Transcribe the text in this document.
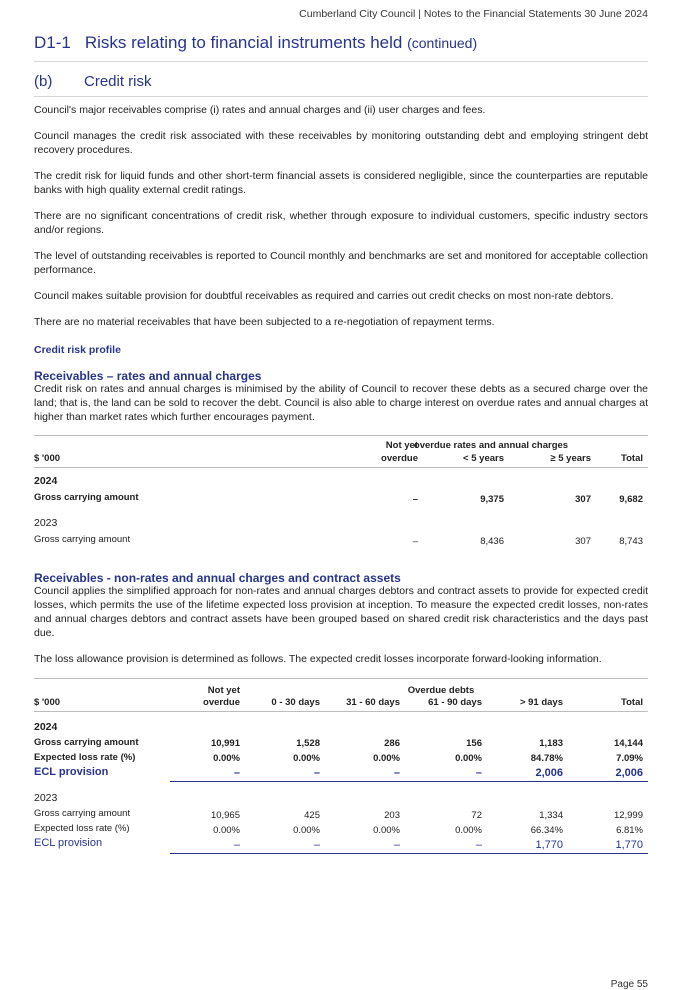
Cumberland City Council | Notes to the Financial Statements 30 June 2024
D1-1 Risks relating to financial instruments held (continued)
(b) Credit risk

Council's major receivables comprise (i) rates and annual charges and (ii) user charges and fees.

Council manages the credit risk associated with these receivables by monitoring outstanding debt and employing stringent debt recovery procedures.

The credit risk for liquid funds and other short-term financial assets is considered negligible, since the counterparties are reputable banks with high quality external credit ratings.

There are no significant concentrations of credit risk, whether through exposure to individual customers, specific industry sectors and/or regions.

The level of outstanding receivables is reported to Council monthly and benchmarks are set and monitored for acceptable collection performance.

Council makes suitable provision for doubtful receivables as required and carries out credit checks on most non-rate debtors.

There are no material receivables that have been subjected to a re-negotiation of repayment terms.

Credit risk profile
Receivables – rates and annual charges

Credit risk on rates and annual charges is minimised by the ability of Council to recover these debts as a secured charge over the land; that is, the land can be sold to recover the debt. Council is also able to charge interest on overdue rates and annual charges at higher than market rates which further encourages payment.

Not yet
overdue
overdue rates and annual charges
< 5 years	≥ 5 years	Total
$ '000
2024
Gross carrying amount	–	9,375	307	9,682
2023
Gross carrying amount	–	8,436	307	8,743
Receivables - non-rates and annual charges and contract assets

Council applies the simplified approach for non-rates and annual charges debtors and contract assets to provide for expected credit losses, which permits the use of the lifetime expected loss provision at inception. To measure the expected credit losses, non-rates and annual charges debtors and contract assets have been grouped based on shared credit risk characteristics and the days past due.

The loss allowance provision is determined as follows. The expected credit losses incorporate forward-looking information.

Not yet
overdue
Overdue debts
0 - 30 days	31 - 60 days	61 - 90 days	> 91 days	Total
$ '000
2024
Gross carrying amount	10,991	1,528	286	156	1,183	14,144
Expected loss rate (%)	0.00%	0.00%	0.00%	0.00%	84.78%	7.09%
ECL provision	–	–	–	–	2,006	2,006
2023
Gross carrying amount	10,965	425	203	72	1,334	12,999
Expected loss rate (%)	0.00%	0.00%	0.00%	0.00%	66.34%	6.81%
ECL provision	–	–	–	–	1,770	1,770
Page 55
